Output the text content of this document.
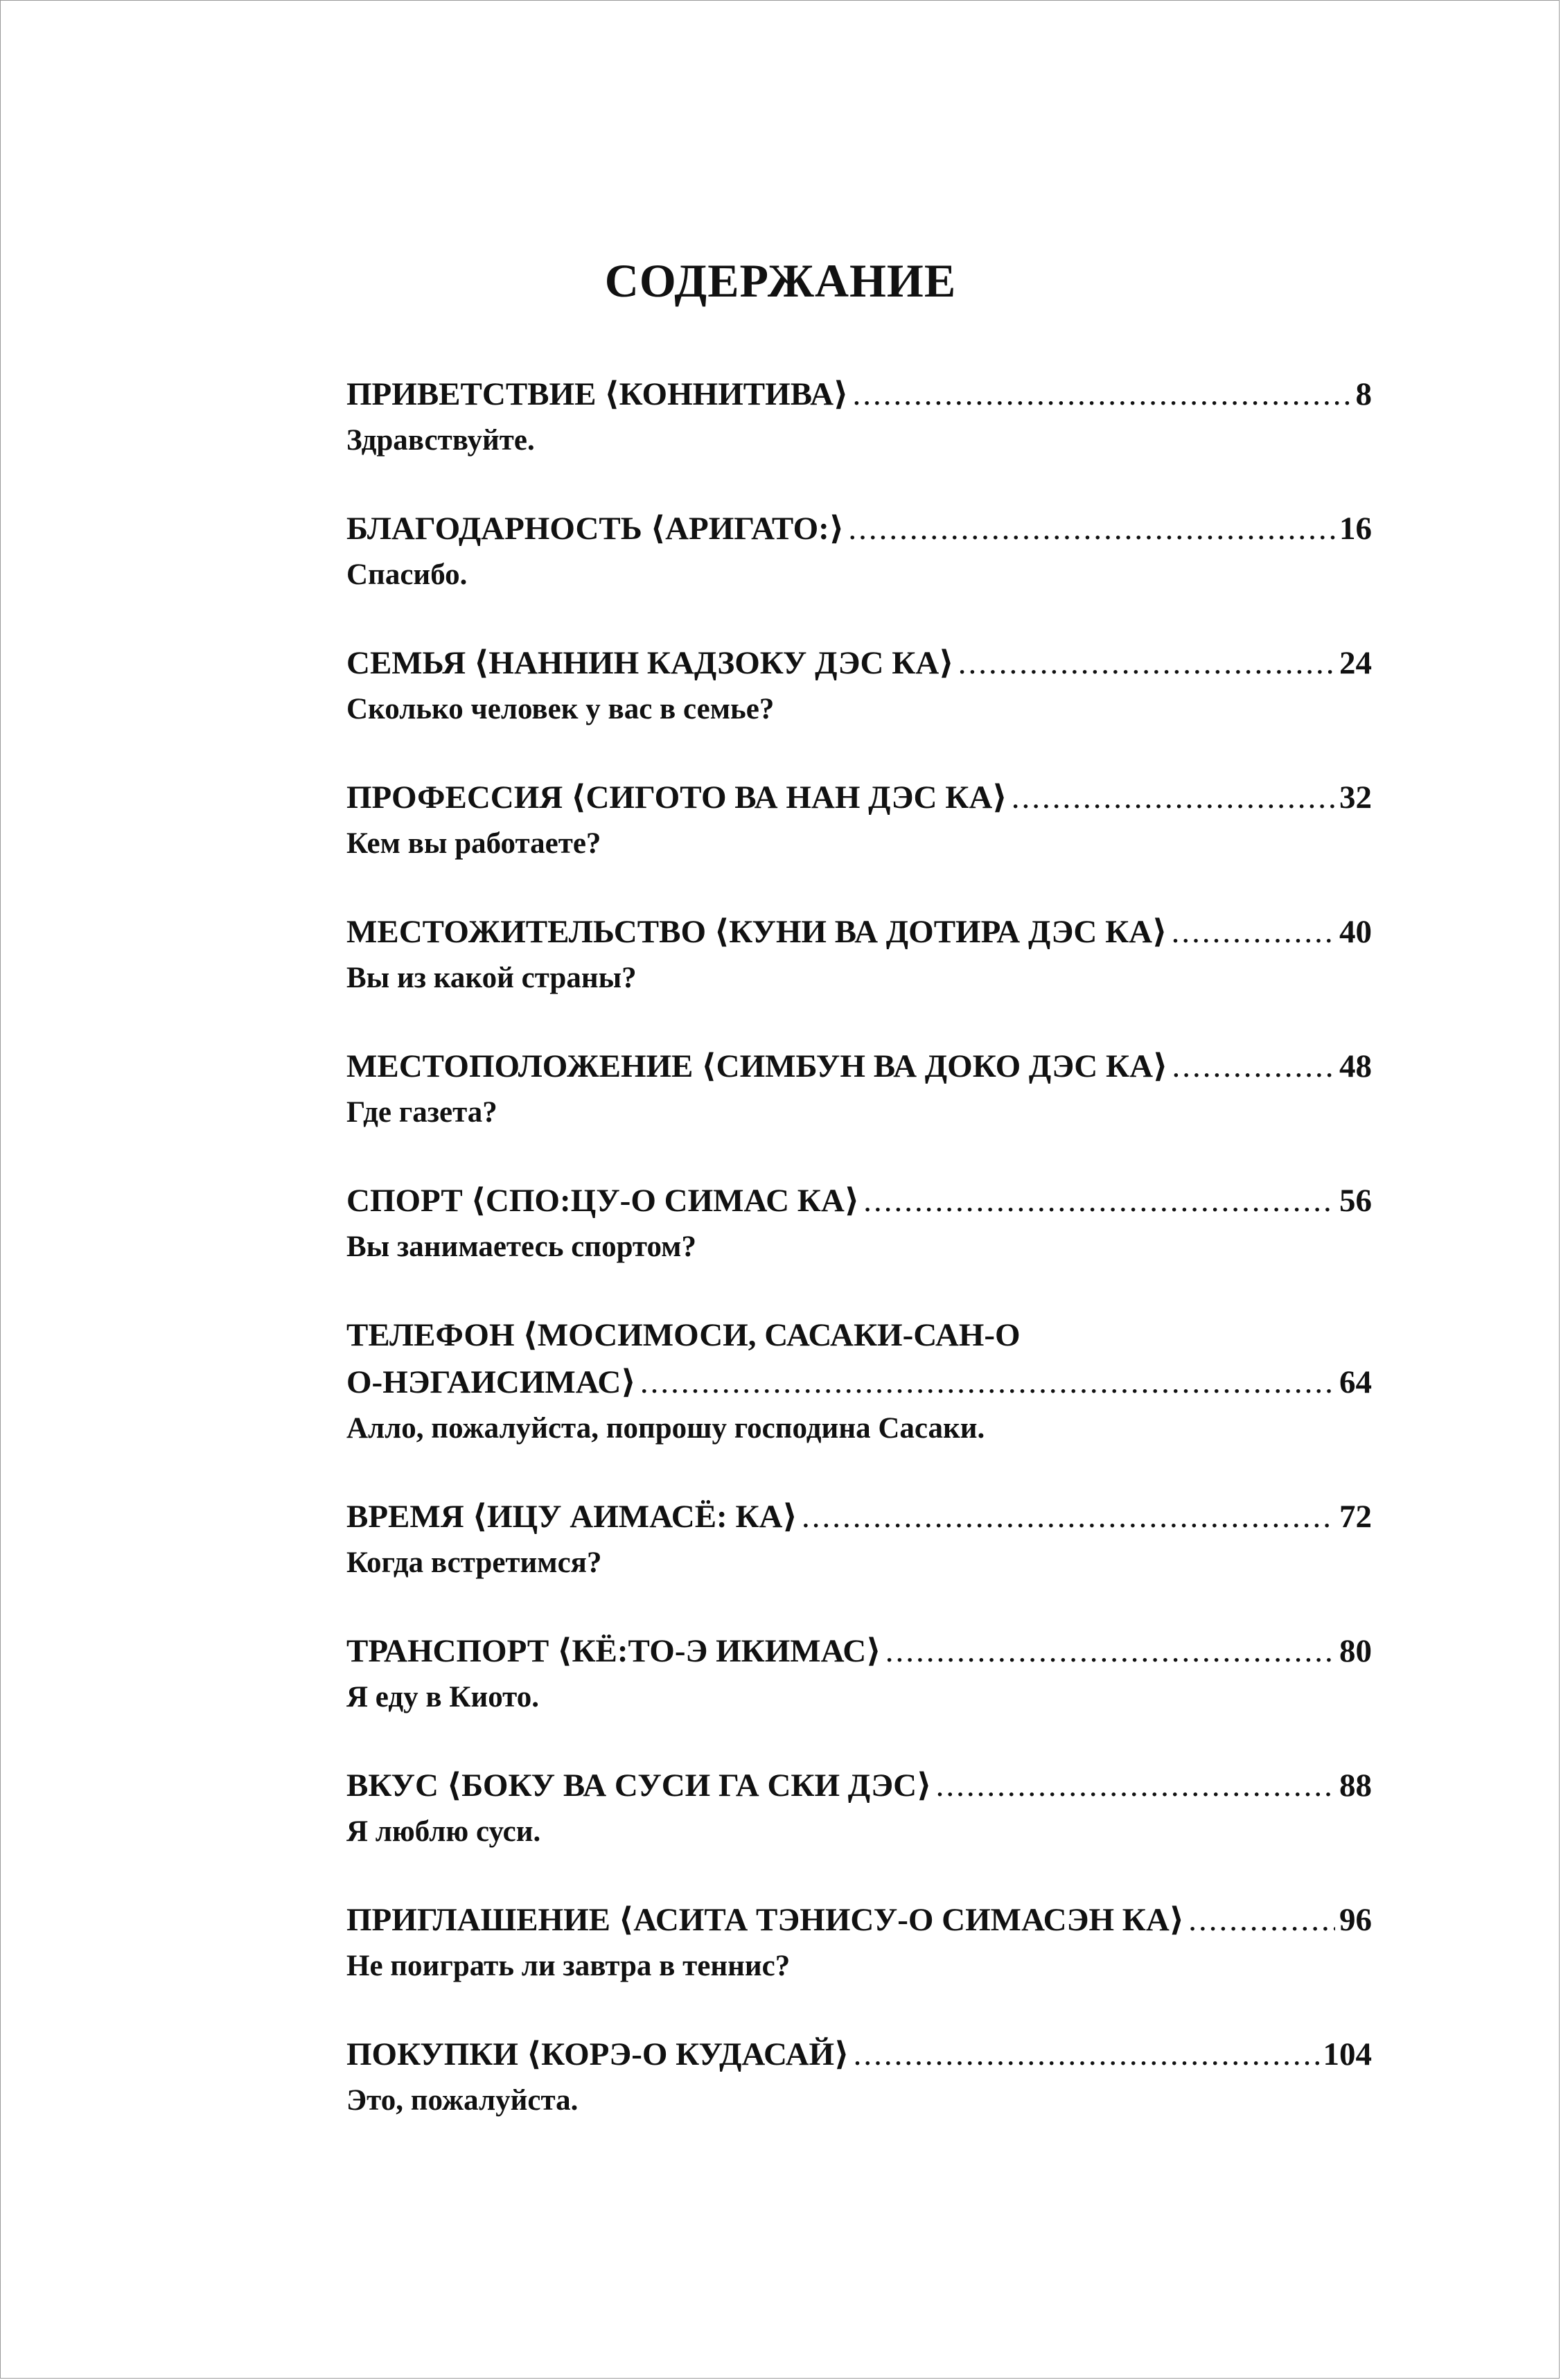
СОДЕРЖАНИЕ
ПРИВЕТСТВИЕ ⟨КОННИТИВА⟩ .....	8
Здравствуйте.
БЛАГОДАРНОСТЬ ⟨АРИГАТО:⟩ .....	16
Спасибо.
СЕМЬЯ ⟨НАННИН КАДЗОКУ ДЭС КА⟩ .....	24
Сколько человек у вас в семье?
ПРОФЕССИЯ ⟨СИГОТО ВА НАН ДЭС КА⟩ .....	32
Кем вы работаете?
МЕСТОЖИТЕЛЬСТВО ⟨КУНИ ВА ДОТИРА ДЭС КА⟩ .....	40
Вы из какой страны?
МЕСТОПОЛОЖЕНИЕ ⟨СИМБУН ВА ДОКО ДЭС КА⟩ .....	48
Где газета?
СПОРТ ⟨СПО:ЦУ-О СИМАС КА⟩ .....	56
Вы занимаетесь спортом?
ТЕЛЕФОН ⟨МОСИМОСИ, САСАКИ-САН-О
О-НЭГАИСИМАС⟩ .....	64
Алло, пожалуйста, попрошу господина Сасаки.
ВРЕМЯ ⟨ИЦУ АИМАСЁ: КА⟩ .....	72
Когда встретимся?
ТРАНСПОРТ ⟨КЁ:ТО-Э ИКИМАС⟩ .....	80
Я еду в Киото.
ВКУС ⟨БОКУ ВА СУСИ ГА СКИ ДЭС⟩ .....	88
Я люблю суси.
ПРИГЛАШЕНИЕ ⟨АСИТА ТЭНИСУ-О СИМАСЭН КА⟩ .....	96
Не поиграть ли завтра в теннис?
ПОКУПКИ ⟨КОРЭ-О КУДАСАЙ⟩ .....	104
Это, пожалуйста.
